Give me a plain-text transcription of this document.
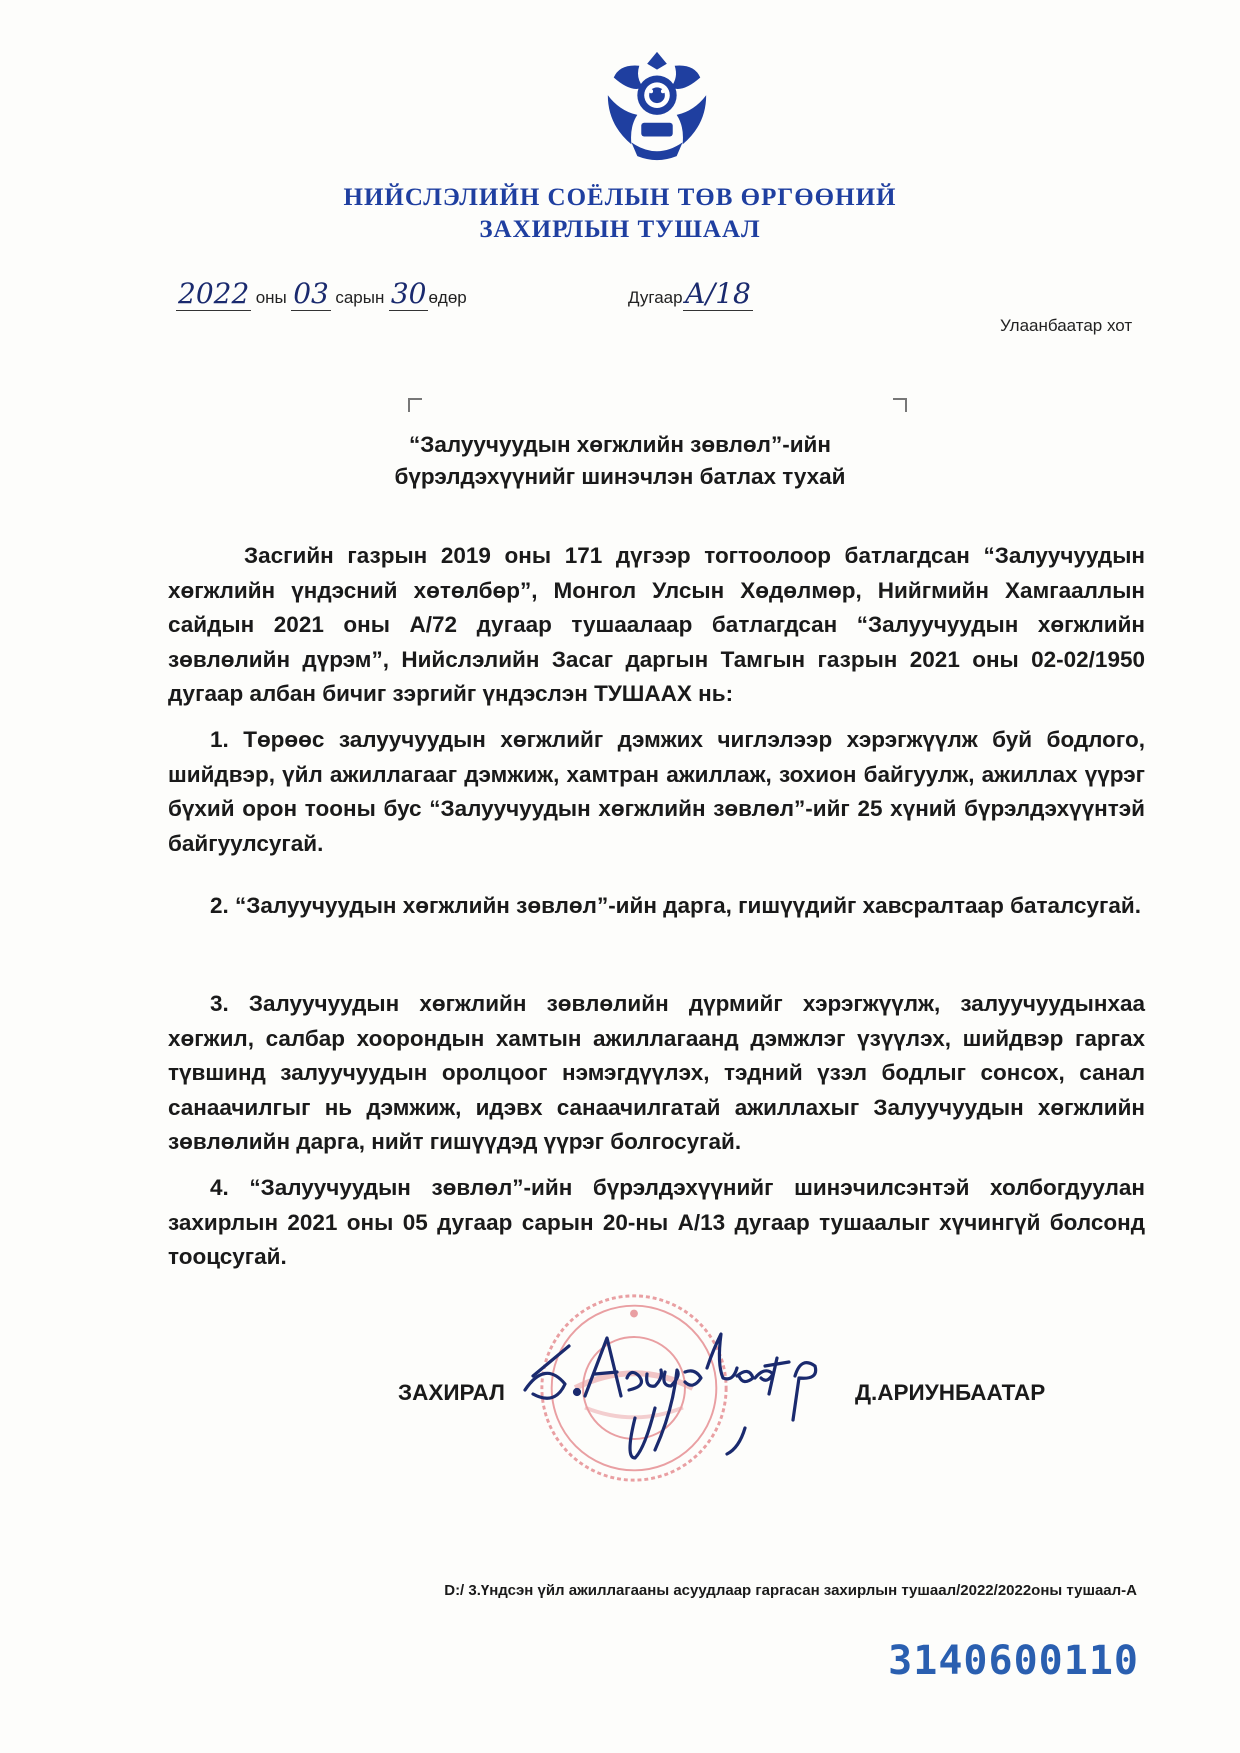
НИЙСЛЭЛИЙН СОЁЛЫН ТӨВ ӨРГӨӨНИЙ
ЗАХИРЛЫН ТУШААЛ
2022 оны 03 сарын 30 өдөр	ДугаарА/18
Улаанбаатар хот
“Залуучуудын хөгжлийн зөвлөл”-ийн
бүрэлдэхүүнийг шинэчлэн батлах тухай
Засгийн газрын 2019 оны 171 дүгээр тогтоолоор батлагдсан “Залуучуудын хөгжлийн үндэсний хөтөлбөр”, Монгол Улсын Хөдөлмөр, Нийгмийн Хамгааллын сайдын 2021 оны А/72 дугаар тушаалаар батлагдсан “Залуучуудын хөгжлийн зөвлөлийн дүрэм”, Нийслэлийн Засаг даргын Тамгын газрын 2021 оны 02-02/1950 дугаар албан бичиг зэргийг үндэслэн ТУШААХ нь:
1. Төрөөс залуучуудын хөгжлийг дэмжих чиглэлээр хэрэгжүүлж буй бодлого, шийдвэр, үйл ажиллагааг дэмжиж, хамтран ажиллаж, зохион байгуулж, ажиллах үүрэг бүхий орон тооны бус “Залуучуудын хөгжлийн зөвлөл”-ийг 25 хүний бүрэлдэхүүнтэй байгуулсугай.
2. “Залуучуудын хөгжлийн зөвлөл”-ийн дарга, гишүүдийг хавсралтаар баталсугай.
3. Залуучуудын хөгжлийн зөвлөлийн дүрмийг хэрэгжүүлж, залуучуудынхаа хөгжил, салбар хоорондын хамтын ажиллагаанд дэмжлэг үзүүлэх, шийдвэр гаргах түвшинд залуучуудын оролцоог нэмэгдүүлэх, тэдний үзэл бодлыг сонсох, санал санаачилгыг нь дэмжиж, идэвх санаачилгатай ажиллахыг Залуучуудын хөгжлийн зөвлөлийн дарга, нийт гишүүдэд үүрэг болгосугай.
4. “Залуучуудын зөвлөл”-ийн бүрэлдэхүүнийг шинэчилсэнтэй холбогдуулан захирлын 2021 оны 05 дугаар сарын 20-ны А/13 дугаар тушаалыг хүчингүй болсонд тооцсугай.
ЗАХИРАЛ	Д.АРИУНБААТАР
D:/ 3.Үндсэн үйл ажиллагааны асуудлаар гаргасан захирлын тушаал/2022/2022оны тушаал-А
3140600110
